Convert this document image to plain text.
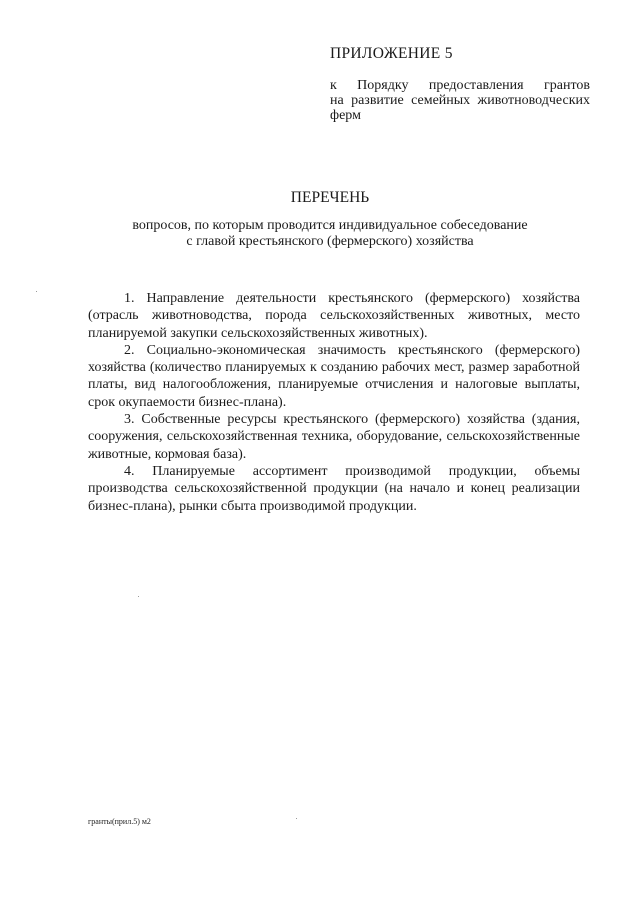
ПРИЛОЖЕНИЕ 5

к Порядку предоставления грантов
на развитие семейных животноводческих
ферм

ПЕРЕЧЕНЬ

вопросов, по которым проводится индивидуальное собеседование
с главой крестьянского (фермерского) хозяйства

1. Направление деятельности крестьянского (фермерского) хозяйства (отрасль животноводства, порода сельскохозяйственных животных, место планируемой закупки сельскохозяйственных животных).

2. Социально-экономическая значимость крестьянского (фермерского) хозяйства (количество планируемых к созданию рабочих мест, размер заработной платы, вид налогообложения, планируемые отчисления и налоговые выплаты, срок окупаемости бизнес-плана).

3. Собственные ресурсы крестьянского (фермерского) хозяйства (здания, сооружения, сельскохозяйственная техника, оборудование, сельскохозяйственные животные, кормовая база).

4. Планируемые ассортимент производимой продукции, объемы производства сельскохозяйственной продукции (на начало и конец реализации бизнес-плана), рынки сбыта производимой продукции.

гранты(прил.5) м2
